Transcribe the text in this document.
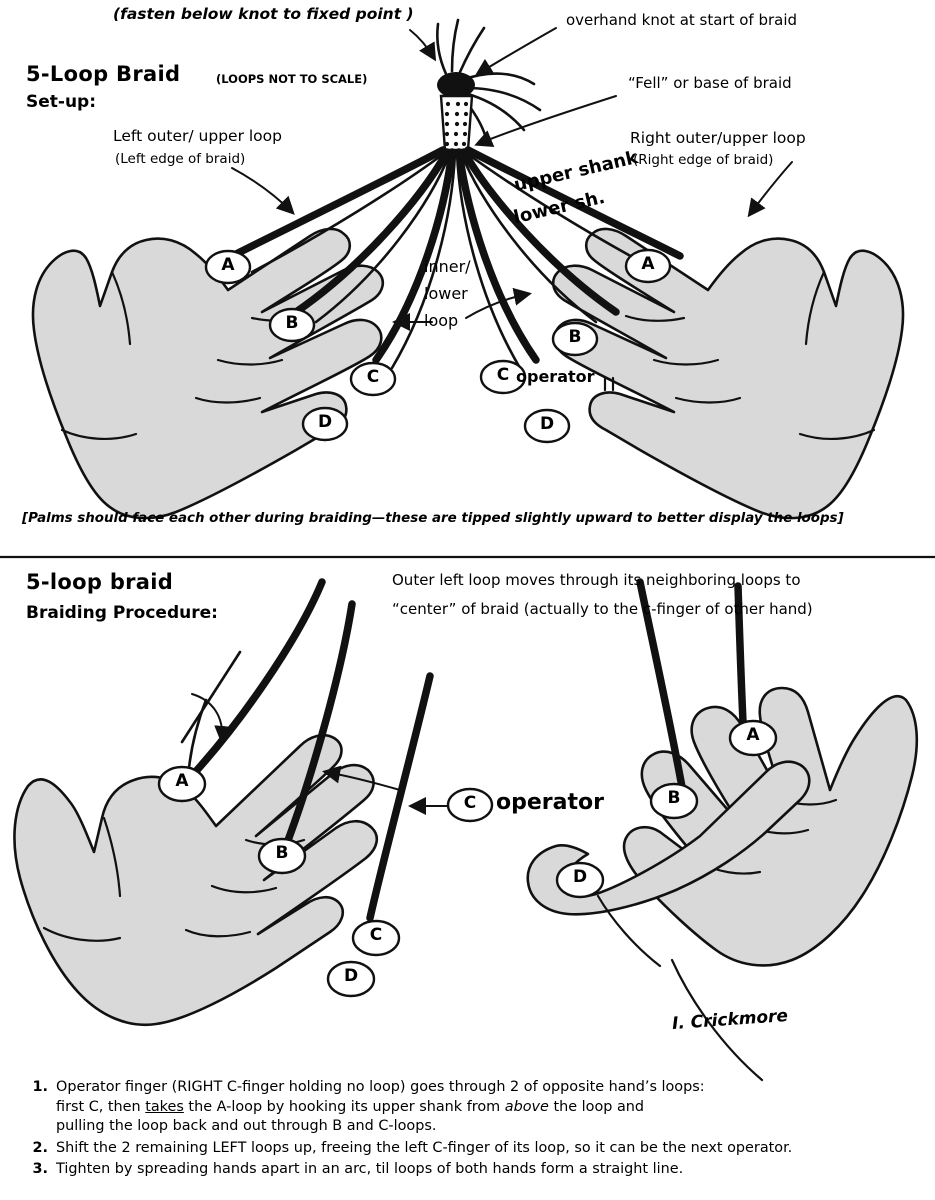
(fasten below knot to fixed point )	overhand knot at start of braid
“Fell” or base of braid
5-Loop Braid	(LOOPS NOT TO SCALE)
Set-up:
Left outer/ upper loop
(Left edge of braid)
Right outer/upper loop
(Right edge of braid)
upper shank
lower sh.
inner/
lower
loop
operator
A
B
C
D
A
B
C
D
[Palms should face each other during braiding—these are tipped slightly upward to better display the loops]
5-loop braid
Braiding Procedure:
Outer left loop moves through its neighboring loops to
“center” of braid (actually to the c-finger of other hand)
operator
C
A
B
C
D
A
B
D
I. Crickmore
1. Operator finger (RIGHT C-finger holding no loop) goes through 2 of opposite hand’s loops:
first C, then takes the A-loop by hooking its upper shank from above the loop and
pulling the loop back and out through B and C-loops.
2. Shift the 2 remaining LEFT loops up, freeing the left C-finger of its loop, so it can be the next operator.
3. Tighten by spreading hands apart in an arc, til loops of both hands form a straight line.
